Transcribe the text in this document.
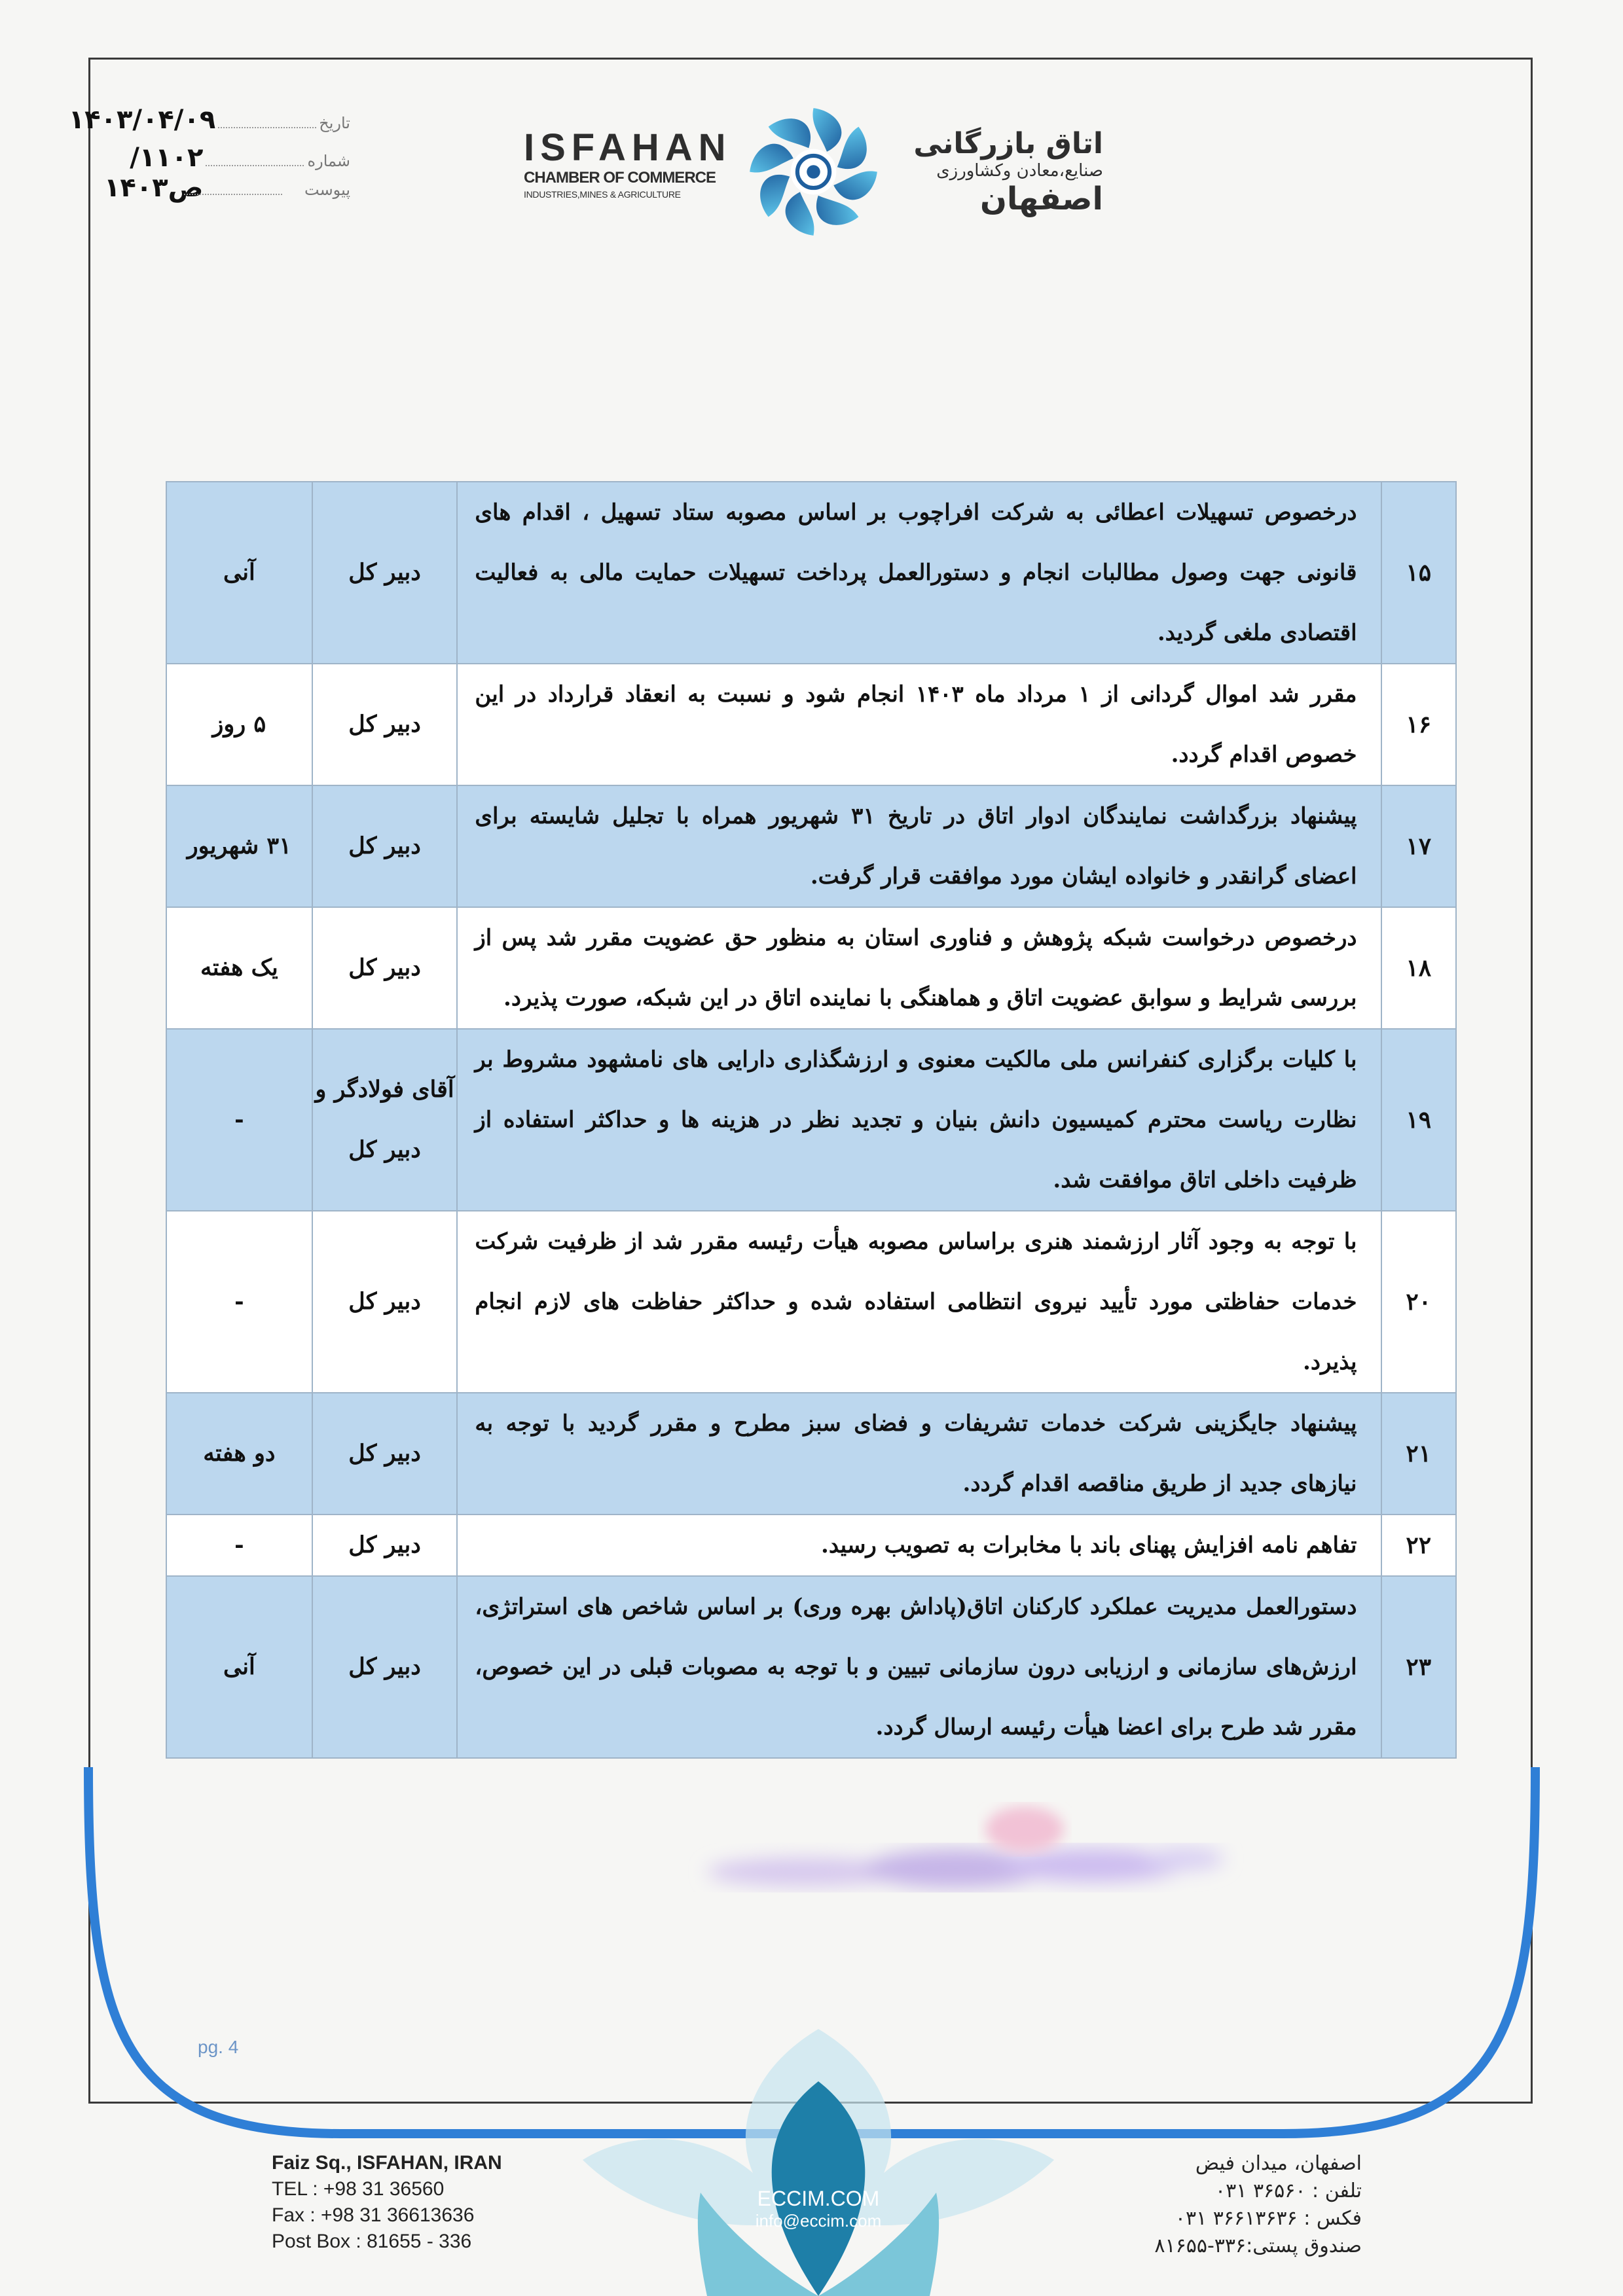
تاریخ
۱۴۰۳/۰۴/۰۹
شماره
۱۱۰۲/ص۱۴۰۳	پیوست
ISFAHAN
CHAMBER OF COMMERCE
INDUSTRIES,MINES & AGRICULTURE
اتاق بازرگانی
صنایع،معادن وکشاورزی
اصفهان
۱۵	درخصوص تسهیلات اعطائی به شرکت افراچوب بر اساس مصوبه ستاد تسهیل ، اقدام های قانونی جهت وصول مطالبات انجام و دستورالعمل پرداخت تسهیلات حمایت مالی به فعالیت اقتصادی ملغی گردید.	دبیر کل	آنی
۱۶	مقرر شد اموال گردانی از ۱ مرداد ماه ۱۴۰۳ انجام شود و نسبت به انعقاد قرارداد در این خصوص اقدام گردد.	دبیر کل	۵ روز
۱۷	پیشنهاد بزرگداشت نمایندگان ادوار اتاق در تاریخ ۳۱ شهریور همراه با تجلیل شایسته برای اعضای گرانقدر و خانواده ایشان مورد موافقت قرار گرفت.	دبیر کل	۳۱ شهریور
۱۸	درخصوص درخواست شبکه پژوهش و فناوری استان به منظور حق عضویت مقرر شد پس از بررسی شرایط و سوابق عضویت اتاق و هماهنگی با نماینده اتاق در این شبکه، صورت پذیرد.	دبیر کل	یک هفته
۱۹	با کلیات برگزاری کنفرانس ملی مالکیت معنوی و ارزشگذاری دارایی های نامشهود مشروط بر نظارت ریاست محترم کمیسیون دانش بنیان و تجدید نظر در هزینه ها و حداکثر استفاده از ظرفیت داخلی اتاق موافقت شد.	آقای فولادگر و دبیر کل	-
۲۰	با توجه به وجود آثار ارزشمند هنری براساس مصوبه هیأت رئیسه مقرر شد از ظرفیت شرکت خدمات حفاظتی مورد تأیید نیروی انتظامی استفاده شده و حداکثر حفاظت های لازم انجام پذیرد.	دبیر کل	-
۲۱	پیشنهاد جایگزینی شرکت خدمات تشریفات و فضای سبز مطرح و مقرر گردید با توجه به نیازهای جدید از طریق مناقصه اقدام گردد.	دبیر کل	دو هفته
۲۲	تفاهم نامه افزایش پهنای باند با مخابرات به تصویب رسید.	دبیر کل	-
۲۳	دستورالعمل مدیریت عملکرد کارکنان اتاق(پاداش بهره وری) بر اساس شاخص های استراتژی، ارزش‌های سازمانی و ارزیابی درون سازمانی تبیین و با توجه به مصوبات قبلی در این خصوص، مقرر شد طرح برای اعضا هیأت رئیسه ارسال گردد.	دبیر کل	آنی
pg. 4
Faiz Sq., ISFAHAN, IRAN
TEL : +98 31 36560
Fax : +98 31 36613636
Post Box : 81655 - 336
ECCIM.COM
info@eccim.com
اصفهان، میدان فیض
تلفن : ۳۶۵۶۰ ۰۳۱
فکس : ۳۶۶۱۳۶۳۶ ۰۳۱
صندوق پستی:۳۳۶-۸۱۶۵۵
